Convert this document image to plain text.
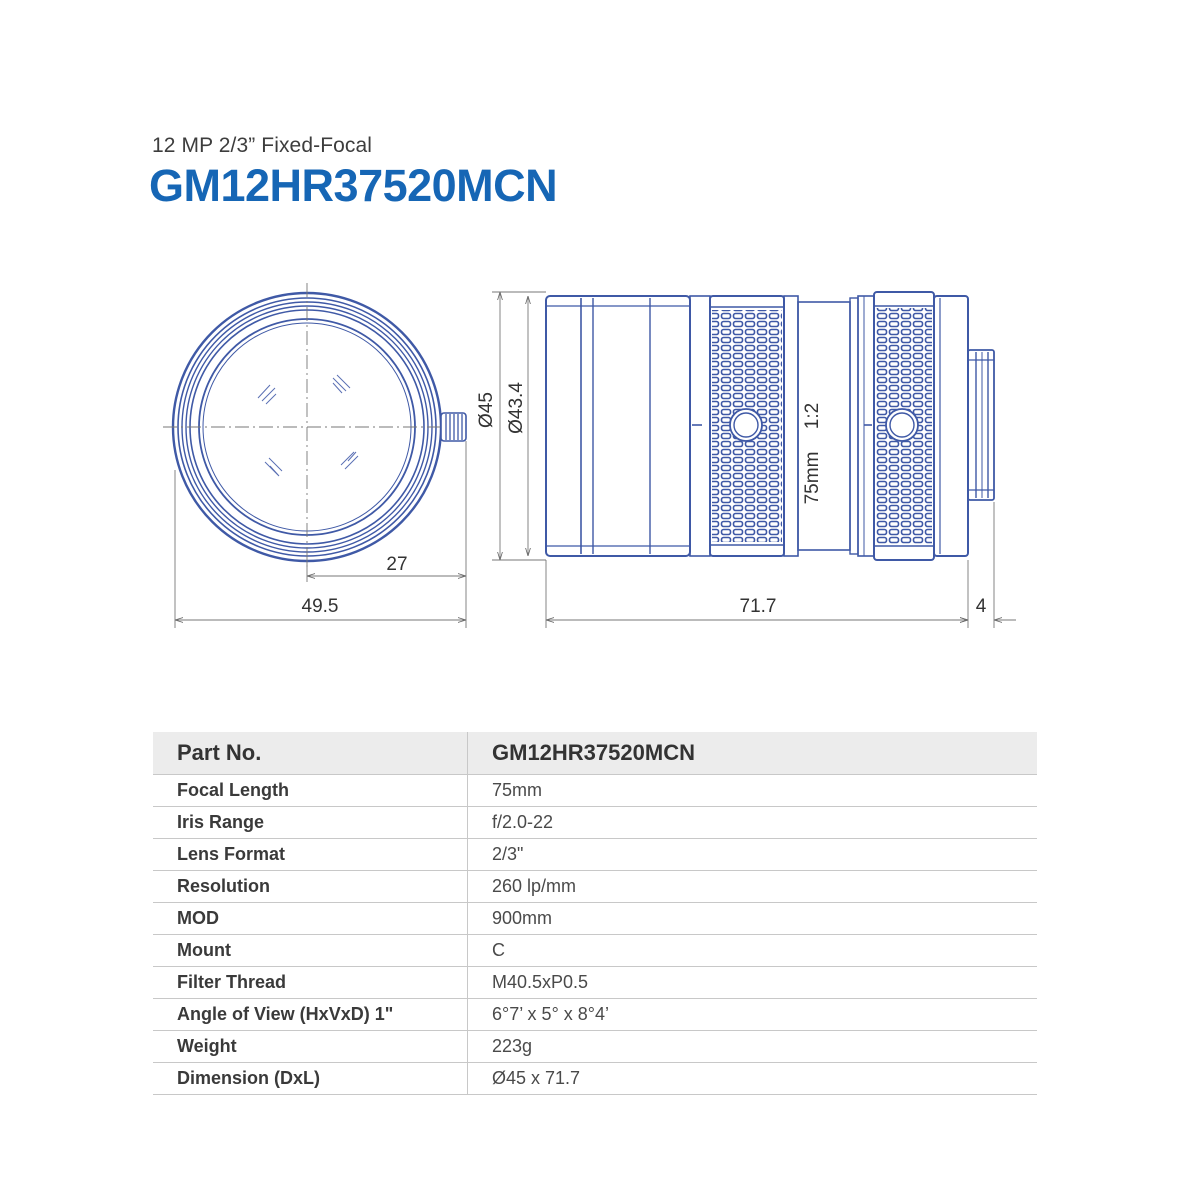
12 MP 2/3” Fixed-Focal
GM12HR37520MCN
27
49.5
1:2
75mm
Ø45 Ø43.4
71.7	4
Part No.	GM12HR37520MCN
Focal Length	75mm
Iris Range	f/2.0-22
Lens Format	2/3"
Resolution	260 lp/mm
MOD	900mm
Mount	C
Filter Thread	M40.5xP0.5
Angle of View (HxVxD) 1"	6°7’ x 5° x 8°4’
Weight	223g
Dimension (DxL)	Ø45 x 71.7
